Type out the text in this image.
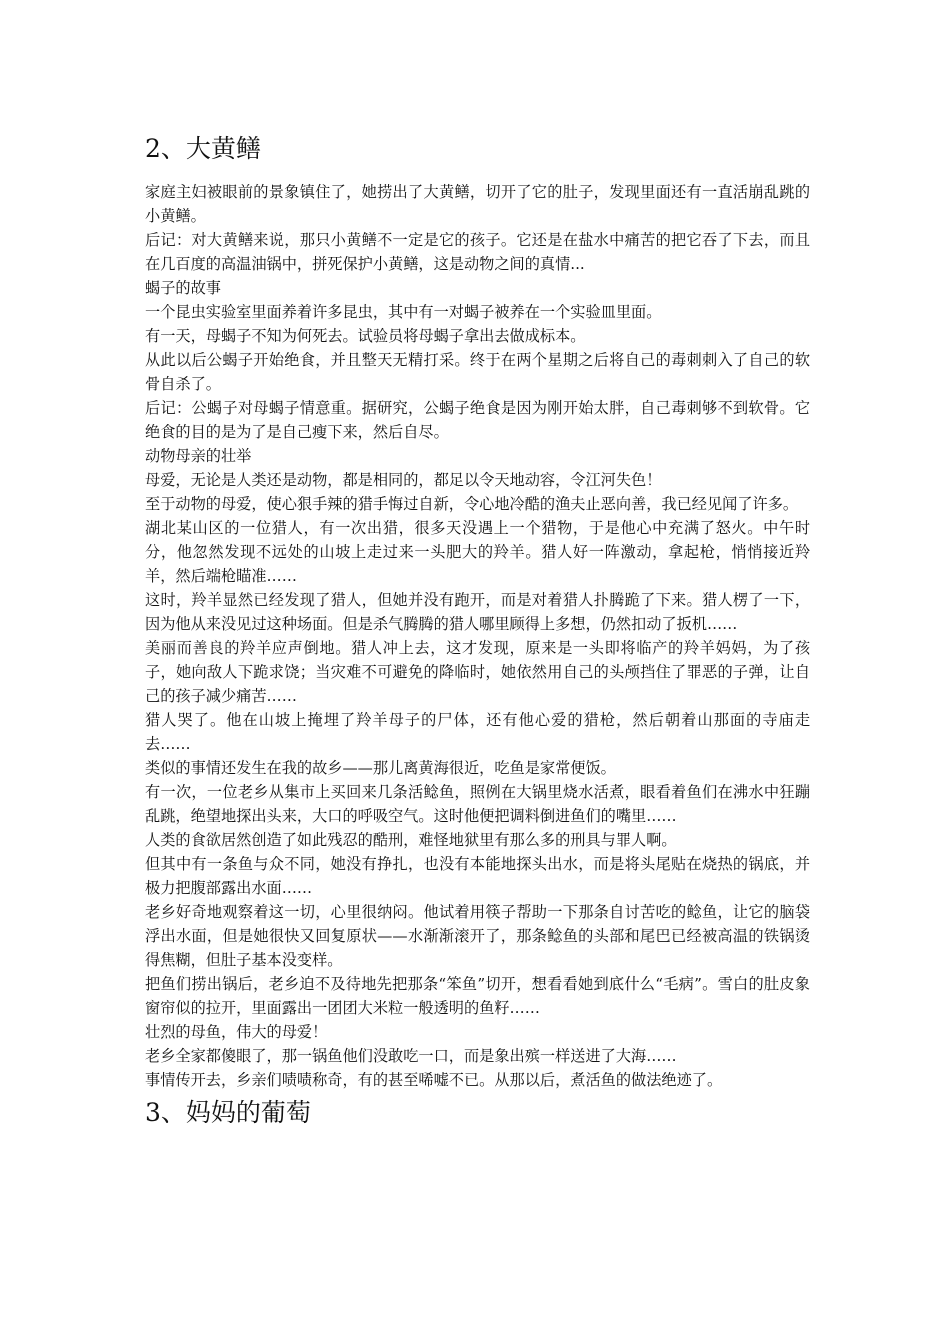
2、大黄鳝

家庭主妇被眼前的景象镇住了，她捞出了大黄鳝，切开了它的肚子，发现里面还有一直活崩乱跳的小黄鳝。

后记：对大黄鳝来说，那只小黄鳝不一定是它的孩子。它还是在盐水中痛苦的把它吞了下去，而且在几百度的高温油锅中，拼死保护小黄鳝，这是动物之间的真情...

蝎子的故事

一个昆虫实验室里面养着许多昆虫，其中有一对蝎子被养在一个实验皿里面。

有一天，母蝎子不知为何死去。试验员将母蝎子拿出去做成标本。

从此以后公蝎子开始绝食，并且整天无精打采。终于在两个星期之后将自己的毒刺刺入了自己的软骨自杀了。

后记：公蝎子对母蝎子情意重。据研究，公蝎子绝食是因为刚开始太胖，自己毒刺够不到软骨。它绝食的目的是为了是自己瘦下来，然后自尽。

动物母亲的壮举

母爱，无论是人类还是动物，都是相同的，都足以令天地动容，令江河失色！

至于动物的母爱，使心狠手辣的猎手悔过自新，令心地冷酷的渔夫止恶向善，我已经见闻了许多。

湖北某山区的一位猎人，有一次出猎，很多天没遇上一个猎物，于是他心中充满了怒火。中午时分，他忽然发现不远处的山坡上走过来一头肥大的羚羊。猎人好一阵激动，拿起枪，悄悄接近羚羊，然后端枪瞄准……

这时，羚羊显然已经发现了猎人，但她并没有跑开，而是对着猎人扑腾跪了下来。猎人楞了一下，因为他从来没见过这种场面。但是杀气腾腾的猎人哪里顾得上多想，仍然扣动了扳机……

美丽而善良的羚羊应声倒地。猎人冲上去，这才发现，原来是一头即将临产的羚羊妈妈，为了孩子，她向敌人下跪求饶；当灾难不可避免的降临时，她依然用自己的头颅挡住了罪恶的子弹，让自己的孩子减少痛苦……

猎人哭了。他在山坡上掩埋了羚羊母子的尸体，还有他心爱的猎枪，然后朝着山那面的寺庙走去……

类似的事情还发生在我的故乡——那儿离黄海很近，吃鱼是家常便饭。

有一次，一位老乡从集市上买回来几条活鲶鱼，照例在大锅里烧水活煮，眼看着鱼们在沸水中狂蹦乱跳，绝望地探出头来，大口的呼吸空气。这时他便把调料倒进鱼们的嘴里……

人类的食欲居然创造了如此残忍的酷刑，难怪地狱里有那么多的刑具与罪人啊。

但其中有一条鱼与众不同，她没有挣扎，也没有本能地探头出水，而是将头尾贴在烧热的锅底，并极力把腹部露出水面……

老乡好奇地观察着这一切，心里很纳闷。他试着用筷子帮助一下那条自讨苦吃的鲶鱼，让它的脑袋浮出水面，但是她很快又回复原状——水渐渐滚开了，那条鲶鱼的头部和尾巴已经被高温的铁锅烫得焦糊，但肚子基本没变样。

把鱼们捞出锅后，老乡迫不及待地先把那条“笨鱼”切开，想看看她到底什么“毛病”。雪白的肚皮象窗帘似的拉开，里面露出一团团大米粒一般透明的鱼籽……

壮烈的母鱼，伟大的母爱！

老乡全家都傻眼了，那一锅鱼他们没敢吃一口，而是象出殡一样送进了大海……

事情传开去，乡亲们啧啧称奇，有的甚至唏嘘不已。从那以后，煮活鱼的做法绝迹了。

3、妈妈的葡萄
